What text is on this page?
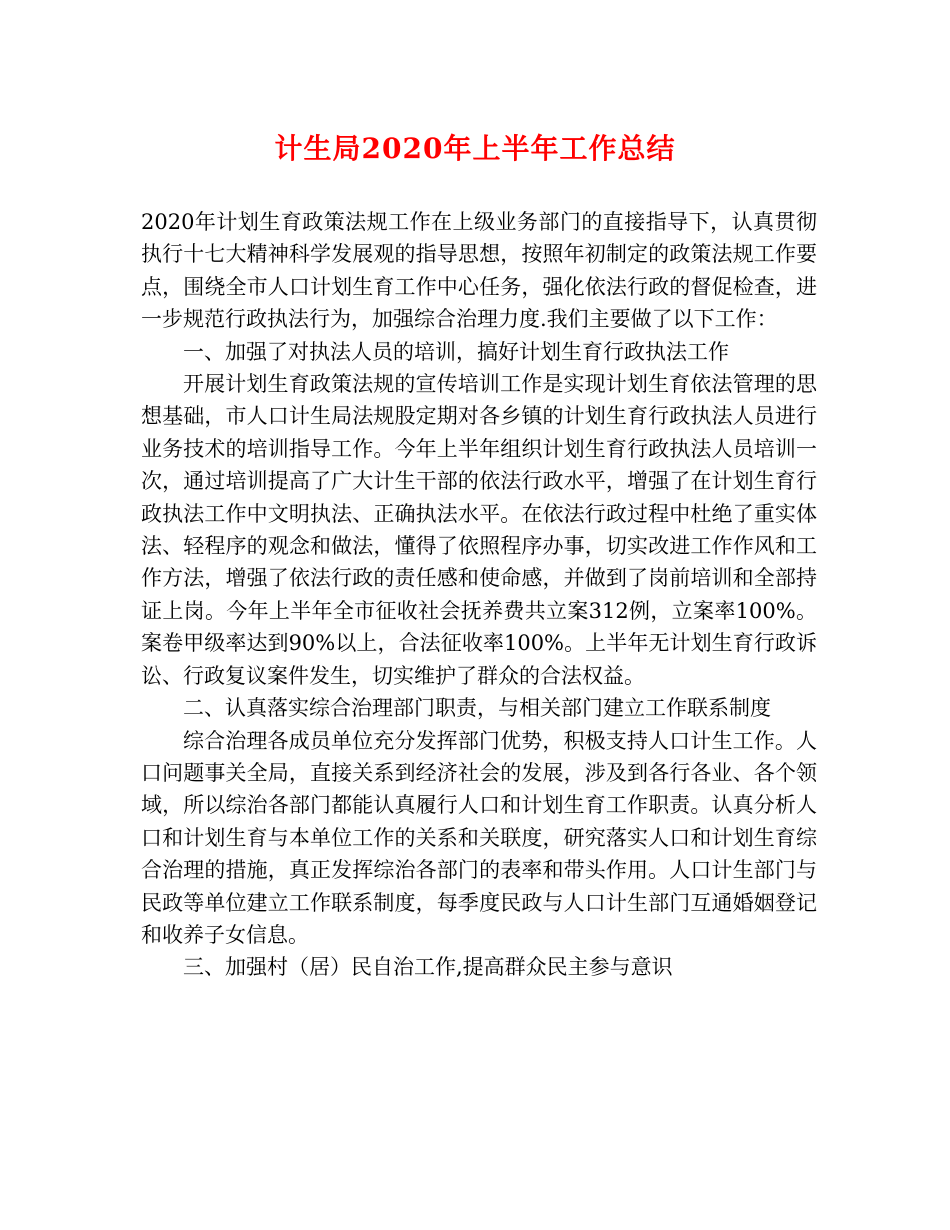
计生局2020年上半年工作总结

2020年计划生育政策法规工作在上级业务部门的直接指导下，认真贯彻执行十七大精神科学发展观的指导思想，按照年初制定的政策法规工作要点，围绕全市人口计划生育工作中心任务，强化依法行政的督促检查，进一步规范行政执法行为，加强综合治理力度.我们主要做了以下工作：

一、加强了对执法人员的培训，搞好计划生育行政执法工作

开展计划生育政策法规的宣传培训工作是实现计划生育依法管理的思想基础，市人口计生局法规股定期对各乡镇的计划生育行政执法人员进行业务技术的培训指导工作。今年上半年组织计划生育行政执法人员培训一次，通过培训提高了广大计生干部的依法行政水平，增强了在计划生育行政执法工作中文明执法、正确执法水平。在依法行政过程中杜绝了重实体法、轻程序的观念和做法，懂得了依照程序办事，切实改进工作作风和工作方法，增强了依法行政的责任感和使命感，并做到了岗前培训和全部持证上岗。今年上半年全市征收社会抚养费共立案312例，立案率100%。案卷甲级率达到90%以上，合法征收率100%。上半年无计划生育行政诉讼、行政复议案件发生，切实维护了群众的合法权益。

二、认真落实综合治理部门职责，与相关部门建立工作联系制度

综合治理各成员单位充分发挥部门优势，积极支持人口计生工作。人口问题事关全局，直接关系到经济社会的发展，涉及到各行各业、各个领域，所以综治各部门都能认真履行人口和计划生育工作职责。认真分析人口和计划生育与本单位工作的关系和关联度，研究落实人口和计划生育综合治理的措施，真正发挥综治各部门的表率和带头作用。人口计生部门与民政等单位建立工作联系制度，每季度民政与人口计生部门互通婚姻登记和收养子女信息。

三、加强村（居）民自治工作,提高群众民主参与意识
